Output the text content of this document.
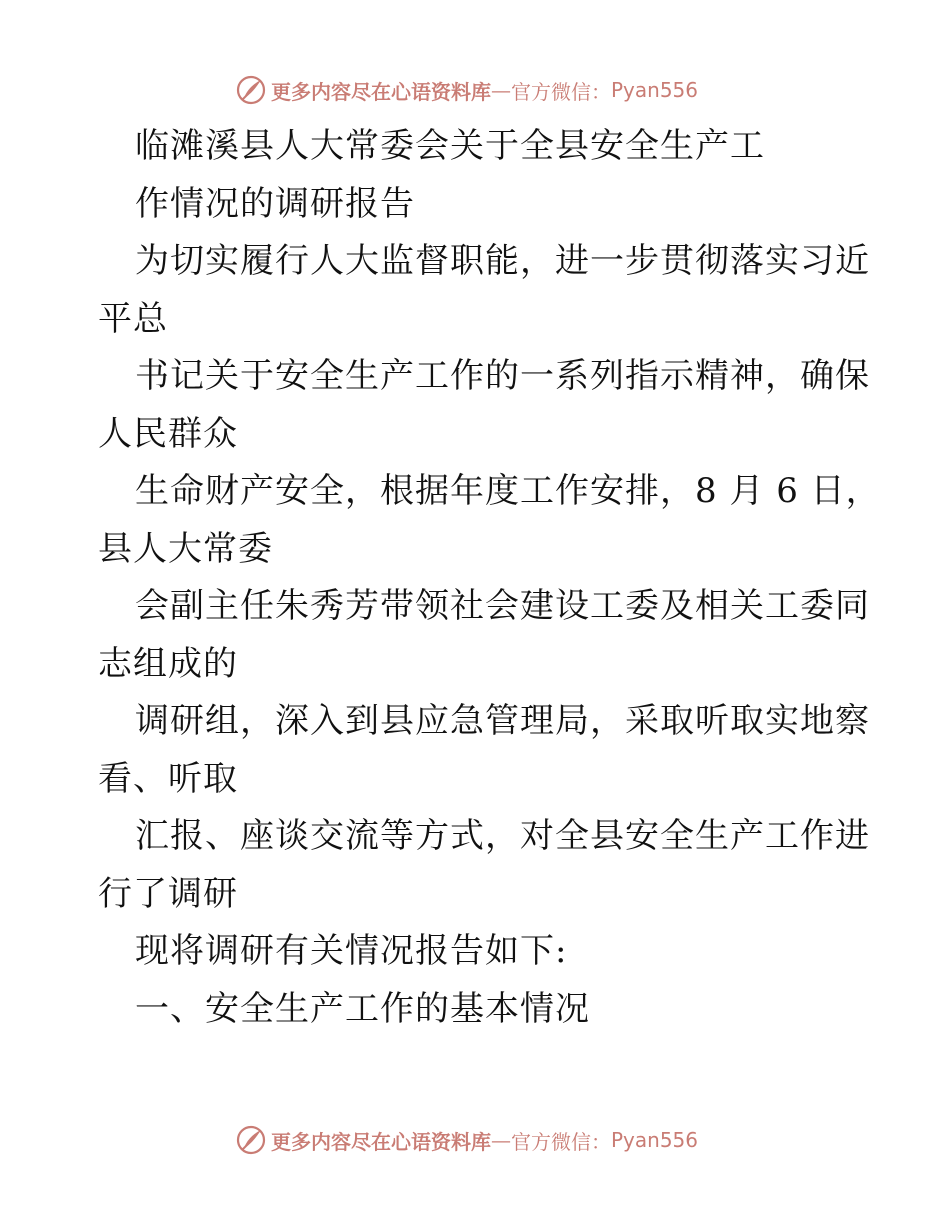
更多内容尽在心语资料库 — 官方微信： Pyan556
临滩溪县人大常委会关于全县安全生产工
作情况的调研报告
为切实履行人大监督职能，进一步贯彻落实习近
平总
书记关于安全生产工作的一系列指示精神，确保
人民群众
生命财产安全，根据年度工作安排，8 月 6 日，
县人大常委
会副主任朱秀芳带领社会建设工委及相关工委同
志组成的
调研组，深入到县应急管理局，采取听取实地察
看、听取
汇报、座谈交流等方式，对全县安全生产工作进
行了调研
现将调研有关情况报告如下:
一、安全生产工作的基本情况
更多内容尽在心语资料库 — 官方微信： Pyan556
